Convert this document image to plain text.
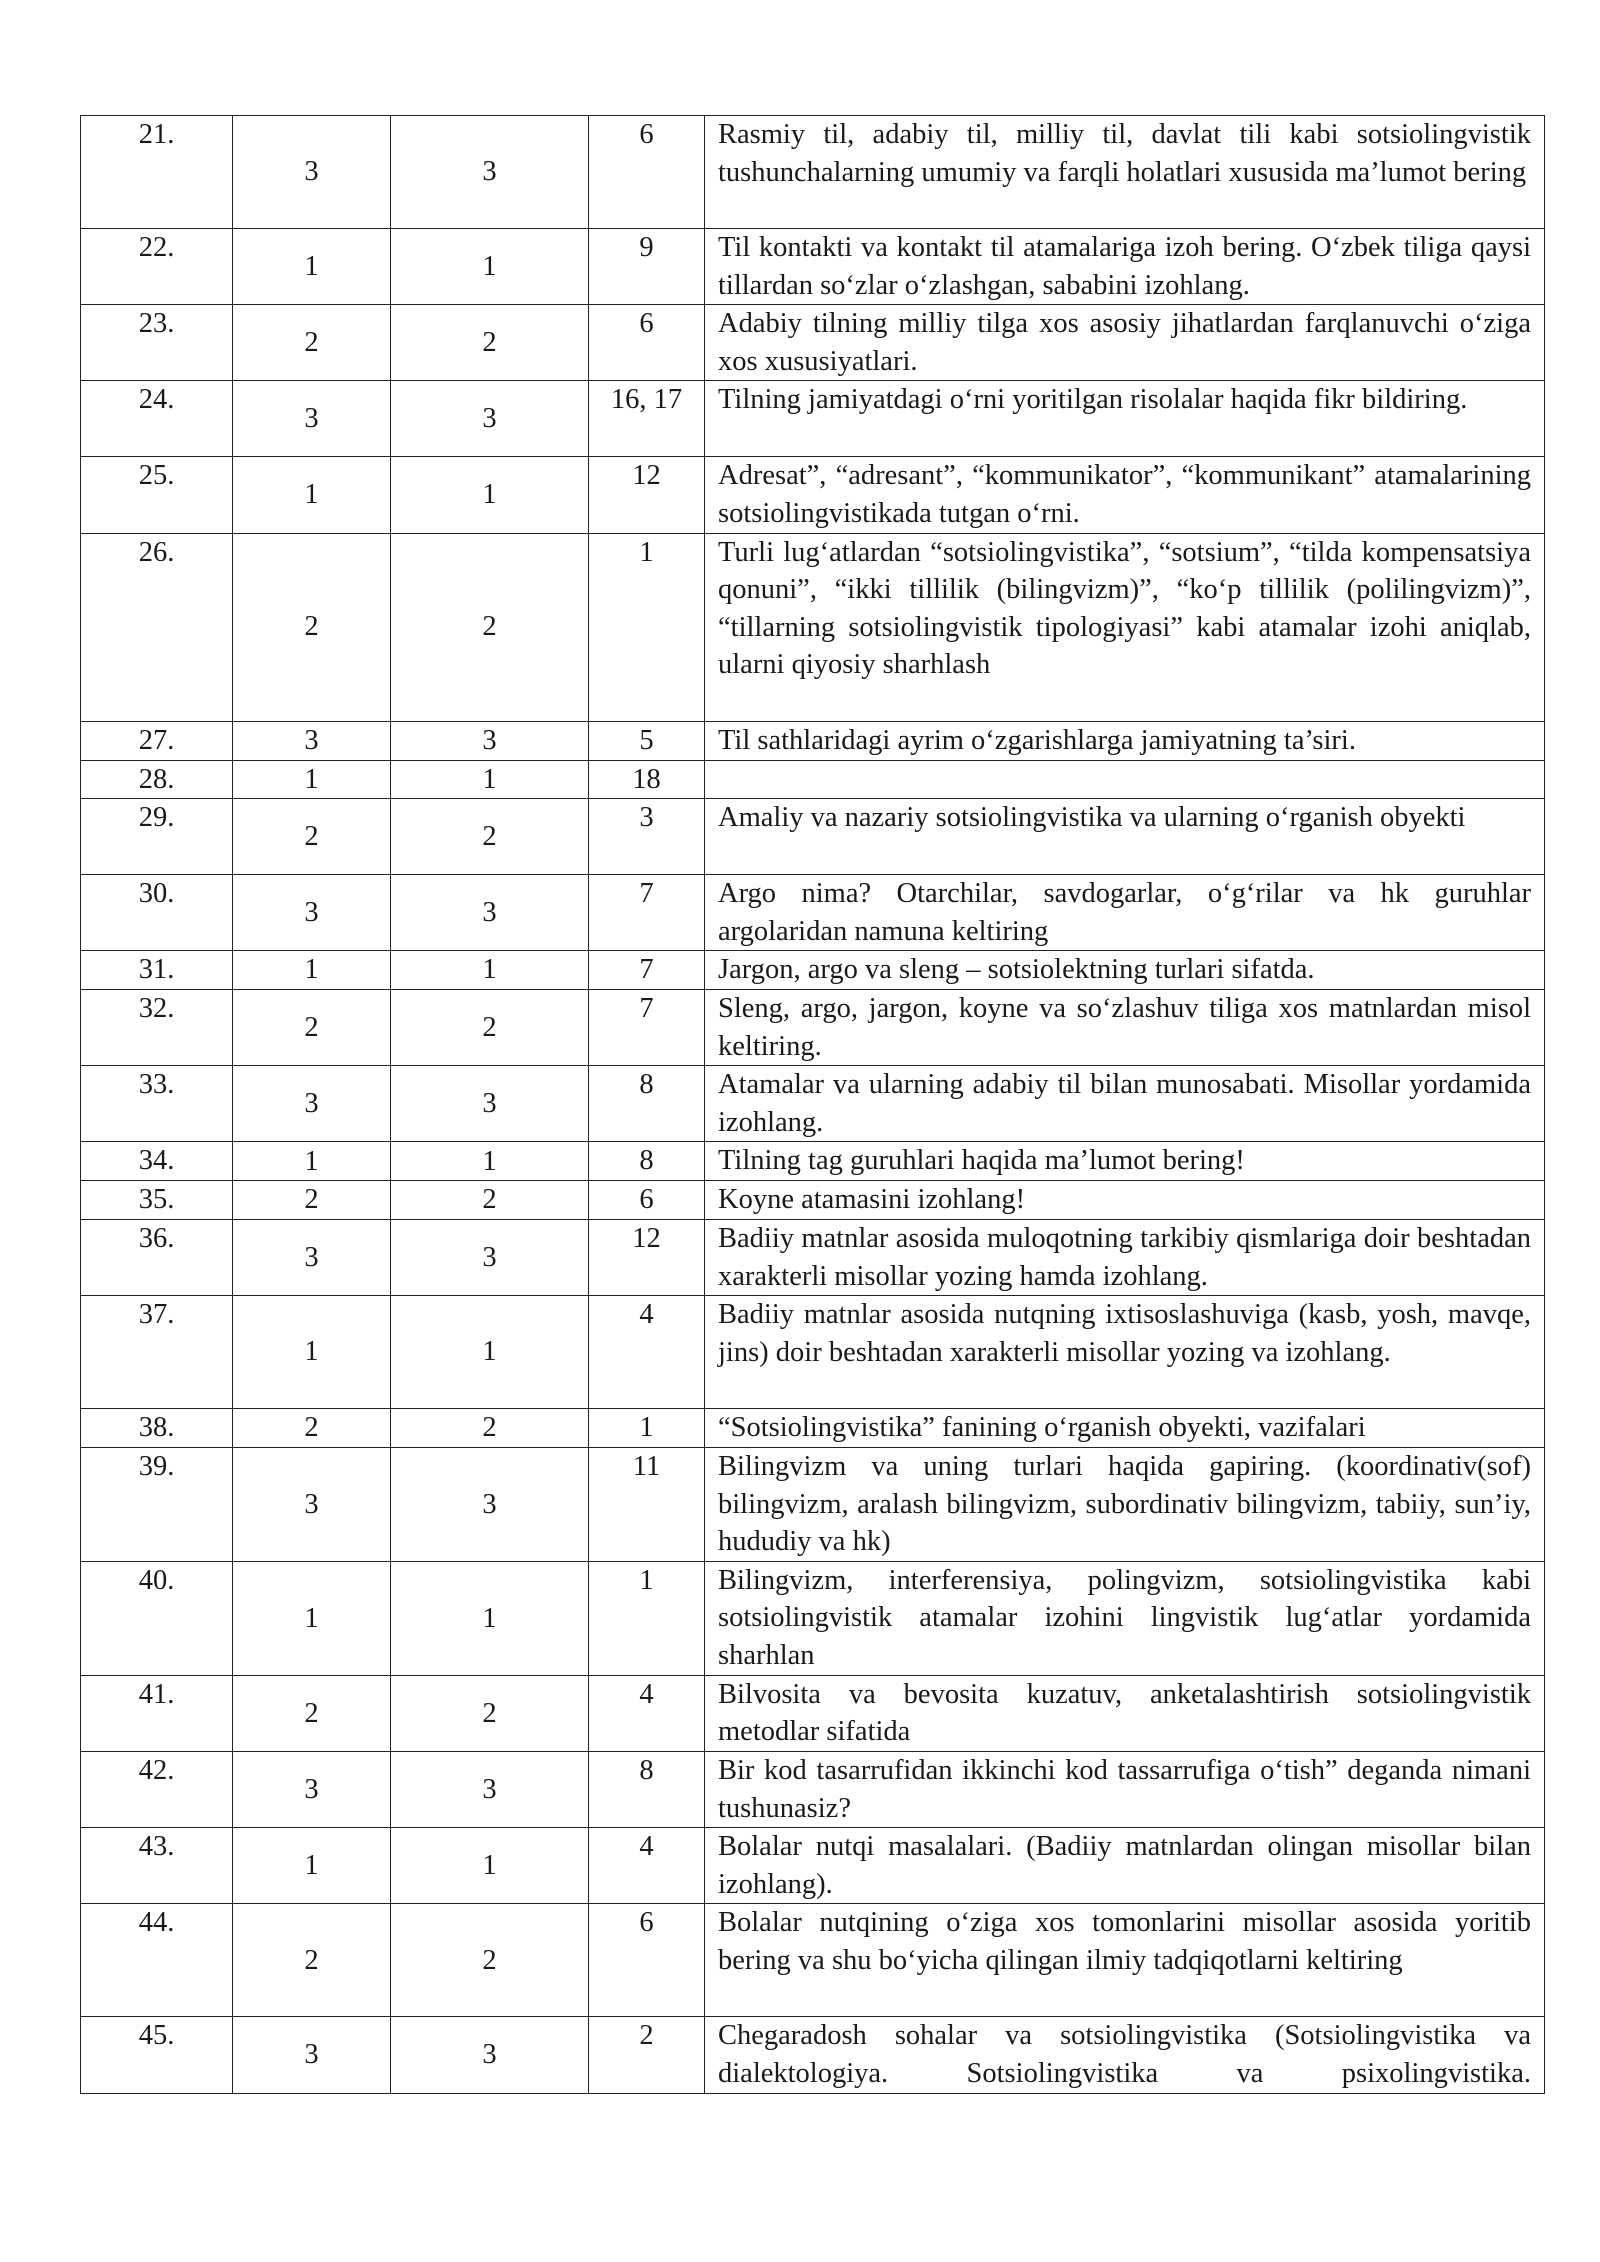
21.	3	3	6	Rasmiy til, adabiy til, milliy til, davlat tili kabi sotsiolingvistik tushunchalarning umumiy va farqli holatlari xususida ma’lumot bering
22.	1	1	9	Til kontakti va kontakt til atamalariga izoh bering. O‘zbek tiliga qaysi tillardan so‘zlar o‘zlashgan, sababini izohlang.
23.	2	2	6	Adabiy tilning milliy tilga xos asosiy jihatlardan farqlanuvchi o‘ziga xos xususiyatlari.
24.	3	3	16, 17	Tilning jamiyatdagi o‘rni yoritilgan risolalar haqida fikr bildiring.
25.	1	1	12	Adresat”, “adresant”, “kommunikator”, “kommunikant” atamalarining sotsiolingvistikada tutgan o‘rni.
26.	2	2	1	Turli lug‘atlardan “sotsiolingvistika”, “sotsium”, “tilda kompensatsiya qonuni”, “ikki tillilik (bilingvizm)”, “ko‘p tillilik (polilingvizm)”, “tillarning sotsiolingvistik tipologiyasi” kabi atamalar izohi aniqlab, ularni qiyosiy sharhlash
27.	3	3	5	Til sathlaridagi ayrim o‘zgarishlarga jamiyatning ta’siri.
28.	1	1	18	
29.	2	2	3	Amaliy va nazariy sotsiolingvistika va ularning o‘rganish obyekti
30.	3	3	7	Argo nima? Otarchilar, savdogarlar, o‘g‘rilar va hk guruhlar argolaridan namuna keltiring
31.	1	1	7	Jargon, argo va sleng – sotsiolektning turlari sifatda.
32.	2	2	7	Sleng, argo, jargon, koyne va so‘zlashuv tiliga xos matnlardan misol keltiring.
33.	3	3	8	Atamalar va ularning adabiy til bilan munosabati. Misollar yordamida izohlang.
34.	1	1	8	Tilning tag guruhlari haqida ma’lumot bering!
35.	2	2	6	Koyne atamasini izohlang!
36.	3	3	12	Badiiy matnlar asosida muloqotning tarkibiy qismlariga doir beshtadan xarakterli misollar yozing hamda izohlang.
37.	1	1	4	Badiiy matnlar asosida nutqning ixtisoslashuviga (kasb, yosh, mavqe, jins) doir beshtadan xarakterli misollar yozing va izohlang.
38.	2	2	1	“Sotsiolingvistika” fanining o‘rganish obyekti, vazifalari
39.	3	3	11	Bilingvizm va uning turlari haqida gapiring. (koordinativ(sof) bilingvizm, aralash bilingvizm, subordinativ bilingvizm, tabiiy, sun’iy, hududiy va hk)
40.	1	1	1	Bilingvizm, interferensiya, polingvizm, sotsiolingvistika kabi sotsiolingvistik atamalar izohini lingvistik lug‘atlar yordamida sharhlan
41.	2	2	4	Bilvosita va bevosita kuzatuv, anketalashtirish sotsiolingvistik metodlar sifatida
42.	3	3	8	Bir kod tasarrufidan ikkinchi kod tassarrufiga o‘tish” deganda nimani tushunasiz?
43.	1	1	4	Bolalar nutqi masalalari. (Badiiy matnlardan olingan misollar bilan izohlang).
44.	2	2	6	Bolalar nutqining o‘ziga xos tomonlarini misollar asosida yoritib bering va shu bo‘yicha qilingan ilmiy tadqiqotlarni keltiring
45.	3	3	2	Chegaradosh sohalar va sotsiolingvistika (Sotsiolingvistika va dialektologiya. Sotsiolingvistika va psixolingvistika.
